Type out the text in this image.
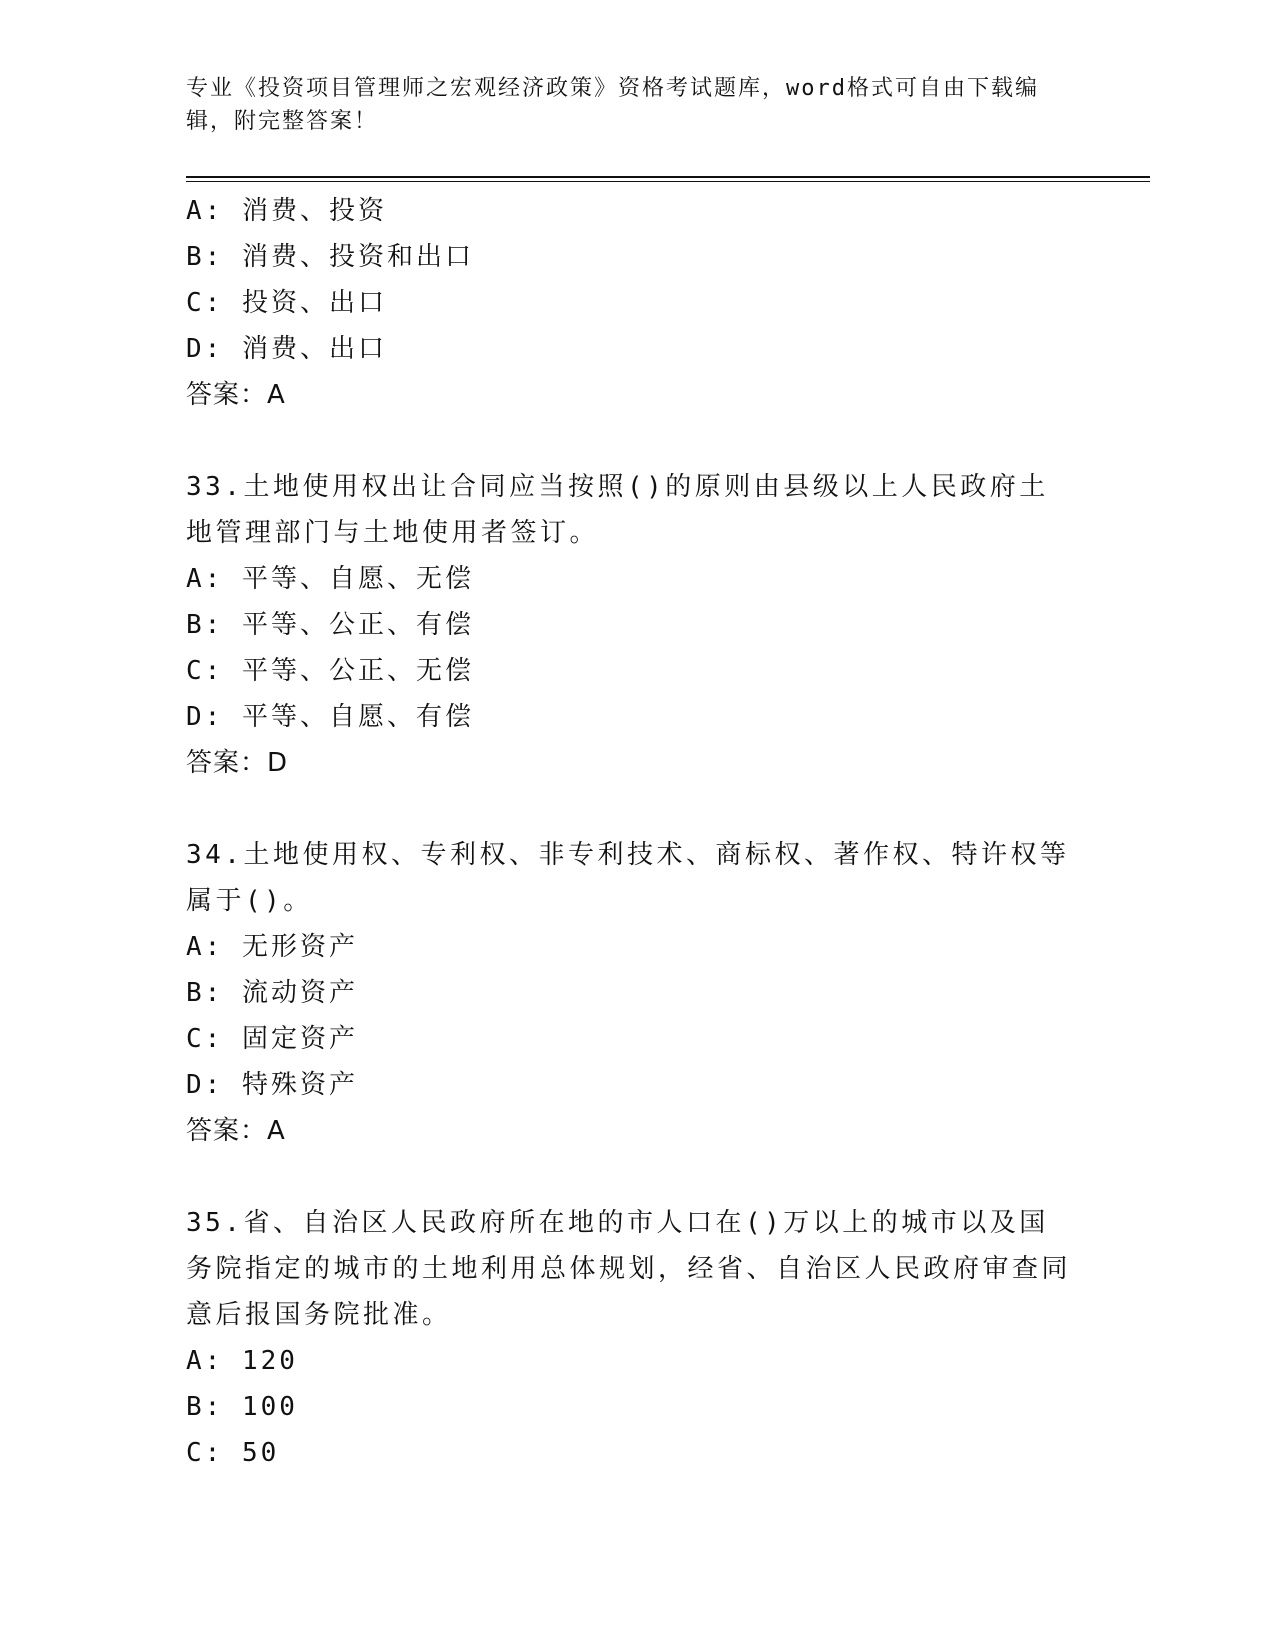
专业《投资项目管理师之宏观经济政策》资格考试题库，word格式可自由下载编辑，附完整答案！
A: 消费、投资
B: 消费、投资和出口
C: 投资、出口
D: 消费、出口
答案：A
33.土地使用权出让合同应当按照()的原则由县级以上人民政府土地管理部门与土地使用者签订。
A: 平等、自愿、无偿
B: 平等、公正、有偿
C: 平等、公正、无偿
D: 平等、自愿、有偿
答案：D
34.土地使用权、专利权、非专利技术、商标权、著作权、特许权等属于()。
A: 无形资产
B: 流动资产
C: 固定资产
D: 特殊资产
答案：A
35.省、自治区人民政府所在地的市人口在()万以上的城市以及国务院指定的城市的土地利用总体规划，经省、自治区人民政府审查同意后报国务院批准。
A: 120
B: 100
C: 50
